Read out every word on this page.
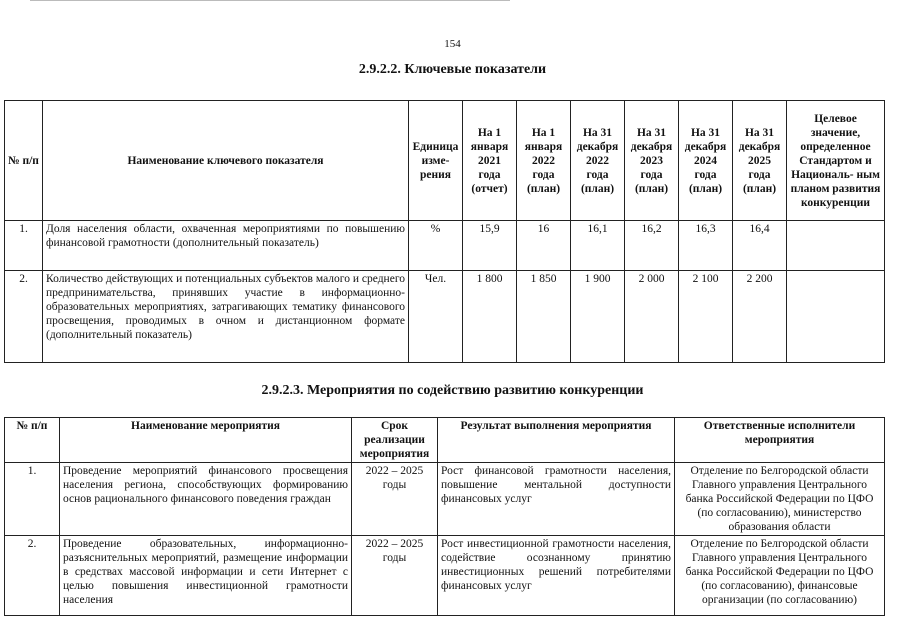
154
2.9.2.2. Ключевые показатели
№ п/п	Наименование ключевого показателя	Единица изме- рения	На 1 января 2021 года (отчет)	На 1 января 2022 года (план)	На 31 декабря 2022 года (план)	На 31 декабря 2023 года (план)	На 31 декабря 2024 года (план)	На 31 декабря 2025 года (план)	Целевое значение, определенное Стандартом и Националь- ным планом развития конкуренции
1.	Доля населения области, охваченная мероприятиями по повышению финансовой грамотности (дополнительный показатель)	%	15,9	16	16,1	16,2	16,3	16,4	
2.	Количество действующих и потенциальных субъектов малого и среднего предпринимательства, принявших участие в информационно-образовательных мероприятиях, затрагивающих тематику финансового просвещения, проводимых в очном и дистанционном формате (дополнительный показатель)	Чел.	1 800	1 850	1 900	2 000	2 100	2 200	
2.9.2.3. Мероприятия по содействию развитию конкуренции
№ п/п	Наименование мероприятия	Срок реализации мероприятия	Результат выполнения мероприятия	Ответственные исполнители мероприятия
1.	Проведение мероприятий финансового просвещения населения региона, способствующих формированию основ рационального финансового поведения граждан	2022 – 2025 годы	Рост финансовой грамотности населения, повышение ментальной доступности финансовых услуг	Отделение по Белгородской области Главного управления Центрального банка Российской Федерации по ЦФО (по согласованию), министерство образования области
2.	Проведение образовательных, информационно-разъяснительных мероприятий, размещение информации в средствах массовой информации и сети Интернет с целью повышения инвестиционной грамотности населения	2022 – 2025 годы	Рост инвестиционной грамотности населения, содействие осознанному принятию инвестиционных решений потребителями финансовых услуг	Отделение по Белгородской области Главного управления Центрального банка Российской Федерации по ЦФО (по согласованию), финансовые организации (по согласованию)
